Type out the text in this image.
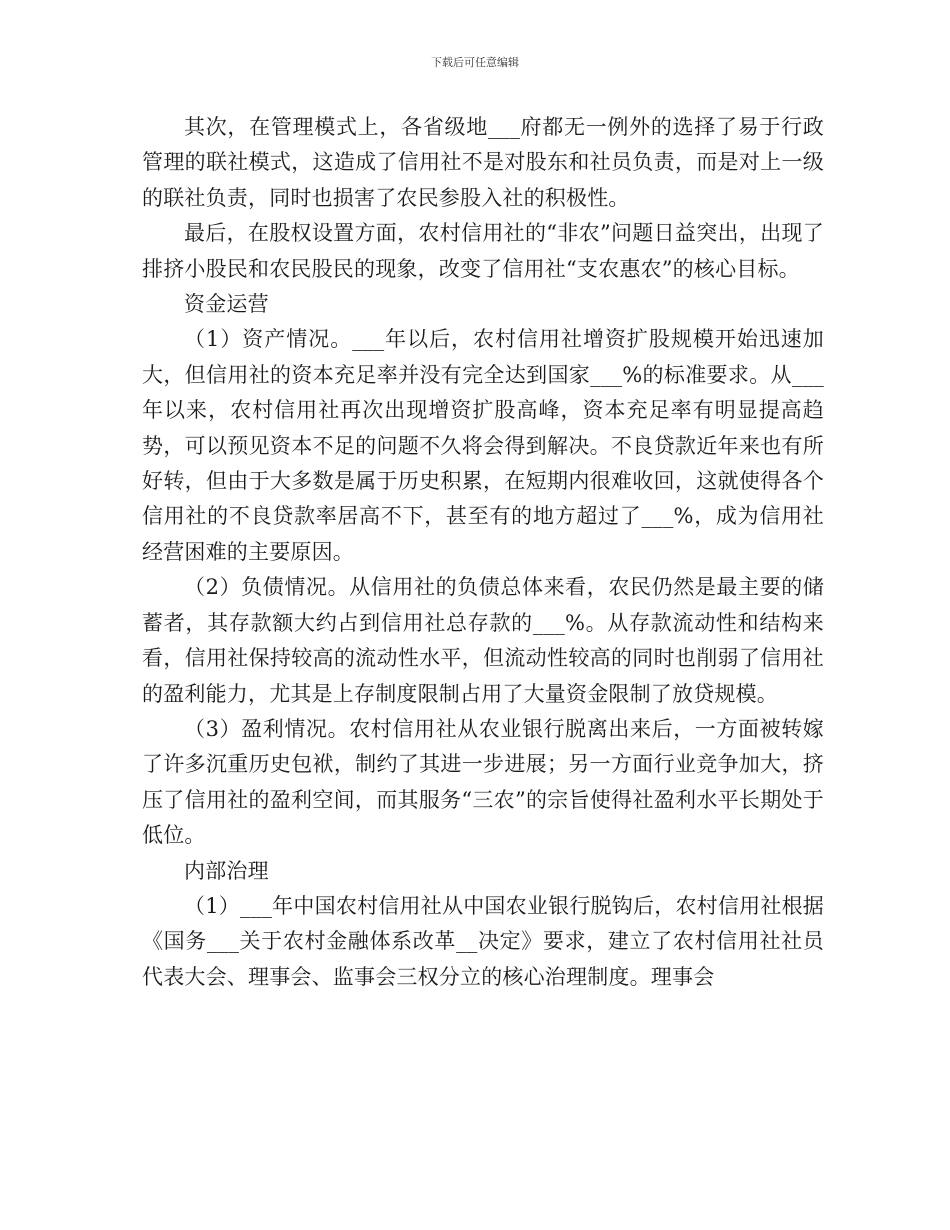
下载后可任意编辑

其次，在管理模式上，各省级地___府都无一例外的选择了易于行政管理的联社模式，这造成了信用社不是对股东和社员负责，而是对上一级的联社负责，同时也损害了农民参股入社的积极性。

最后，在股权设置方面，农村信用社的“非农”问题日益突出，出现了排挤小股民和农民股民的现象，改变了信用社“支农惠农”的核心目标。

资金运营

（1）资产情况。___年以后，农村信用社增资扩股规模开始迅速加大，但信用社的资本充足率并没有完全达到国家___%的标准要求。从___年以来，农村信用社再次出现增资扩股高峰，资本充足率有明显提高趋势，可以预见资本不足的问题不久将会得到解决。不良贷款近年来也有所好转，但由于大多数是属于历史积累，在短期内很难收回，这就使得各个信用社的不良贷款率居高不下，甚至有的地方超过了___%，成为信用社经营困难的主要原因。

（2）负债情况。从信用社的负债总体来看，农民仍然是最主要的储蓄者，其存款额大约占到信用社总存款的___%。从存款流动性和结构来看，信用社保持较高的流动性水平，但流动性较高的同时也削弱了信用社的盈利能力，尤其是上存制度限制占用了大量资金限制了放贷规模。

（3）盈利情况。农村信用社从农业银行脱离出来后，一方面被转嫁了许多沉重历史包袱，制约了其进一步进展；另一方面行业竞争加大，挤压了信用社的盈利空间，而其服务“三农”的宗旨使得社盈利水平长期处于低位。

内部治理

（1）___年中国农村信用社从中国农业银行脱钩后，农村信用社根据《国务___关于农村金融体系改革__决定》要求，建立了农村信用社社员代表大会、理事会、监事会三权分立的核心治理制度。理事会
